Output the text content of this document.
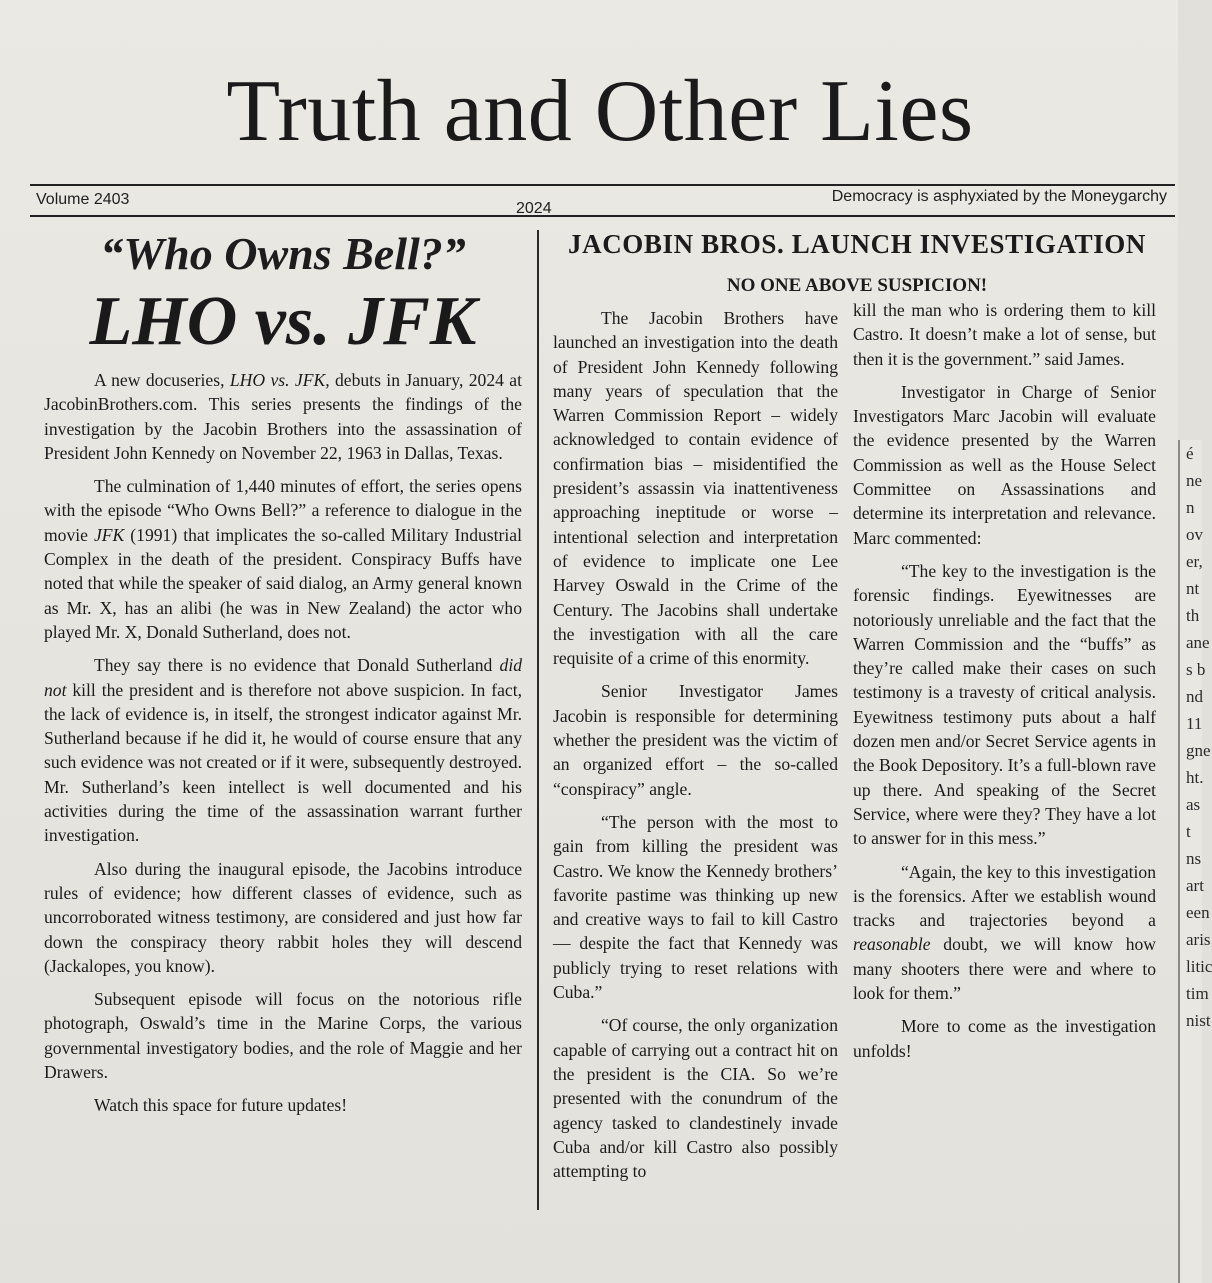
é
ne
n
ov
er,
nt
th
ane
s b
nd
11
gne
ht.
as
t
ns
art
een
aris
litic
tim
nist
Truth and Other Lies
Volume 2403
2024
Democracy is asphyxiated by the Moneygarchy
“Who Owns Bell?”
LHO vs. JFK

A new docuseries, LHO vs. JFK, debuts in January, 2024 at JacobinBrothers.com. This series presents the findings of the investigation by the Jacobin Brothers into the assassination of President John Kennedy on November 22, 1963 in Dallas, Texas.

The culmination of 1,440 minutes of effort, the series opens with the episode “Who Owns Bell?” a reference to dialogue in the movie JFK (1991) that implicates the so-called Military Industrial Complex in the death of the president. Conspiracy Buffs have noted that while the speaker of said dialog, an Army general known as Mr. X, has an alibi (he was in New Zealand) the actor who played Mr. X, Donald Sutherland, does not.

They say there is no evidence that Donald Sutherland did not kill the president and is therefore not above suspicion. In fact, the lack of evidence is, in itself, the strongest indicator against Mr. Sutherland because if he did it, he would of course ensure that any such evidence was not created or if it were, subsequently destroyed. Mr. Sutherland’s keen intellect is well documented and his activities during the time of the assassination warrant further investigation.

Also during the inaugural episode, the Jacobins introduce rules of evidence; how different classes of evidence, such as uncorroborated witness testimony, are considered and just how far down the conspiracy theory rabbit holes they will descend (Jackalopes, you know).

Subsequent episode will focus on the notorious rifle photograph, Oswald’s time in the Marine Corps, the various governmental investigatory bodies, and the role of Maggie and her Drawers.

Watch this space for future updates!

JACOBIN BROS. LAUNCH INVESTIGATION
NO ONE ABOVE SUSPICION!

The Jacobin Brothers have launched an investigation into the death of President John Kennedy following many years of speculation that the Warren Commission Report – widely acknowledged to contain evidence of confirmation bias – misidentified the president’s assassin via inattentiveness approaching ineptitude or worse – intentional selection and interpretation of evidence to implicate one Lee Harvey Oswald in the Crime of the Century. The Jacobins shall undertake the investigation with all the care requisite of a crime of this enormity.

Senior Investigator James Jacobin is responsible for determining whether the president was the victim of an organized effort – the so-called “conspiracy” angle.

“The person with the most to gain from killing the president was Castro. We know the Kennedy brothers’ favorite pastime was thinking up new and creative ways to fail to kill Castro— despite the fact that Kennedy was publicly trying to reset relations with Cuba.”

“Of course, the only organization capable of carrying out a contract hit on the president is the CIA. So we’re presented with the conundrum of the agency tasked to clandestinely invade Cuba and/or kill Castro also possibly attempting to

kill the man who is ordering them to kill Castro. It doesn’t make a lot of sense, but then it is the government.” said James.

Investigator in Charge of Senior Investigators Marc Jacobin will evaluate the evidence presented by the Warren Commission as well as the House Select Committee on Assassinations and determine its interpretation and relevance. Marc commented:

“The key to the investigation is the forensic findings. Eyewitnesses are notoriously unreliable and the fact that the Warren Commission and the “buffs” as they’re called make their cases on such testimony is a travesty of critical analysis. Eyewitness testimony puts about a half dozen men and/or Secret Service agents in the Book Depository. It’s a full-blown rave up there. And speaking of the Secret Service, where were they? They have a lot to answer for in this mess.”

“Again, the key to this investigation is the forensics. After we establish wound tracks and trajectories beyond a reasonable doubt, we will know how many shooters there were and where to look for them.”

More to come as the investigation unfolds!
